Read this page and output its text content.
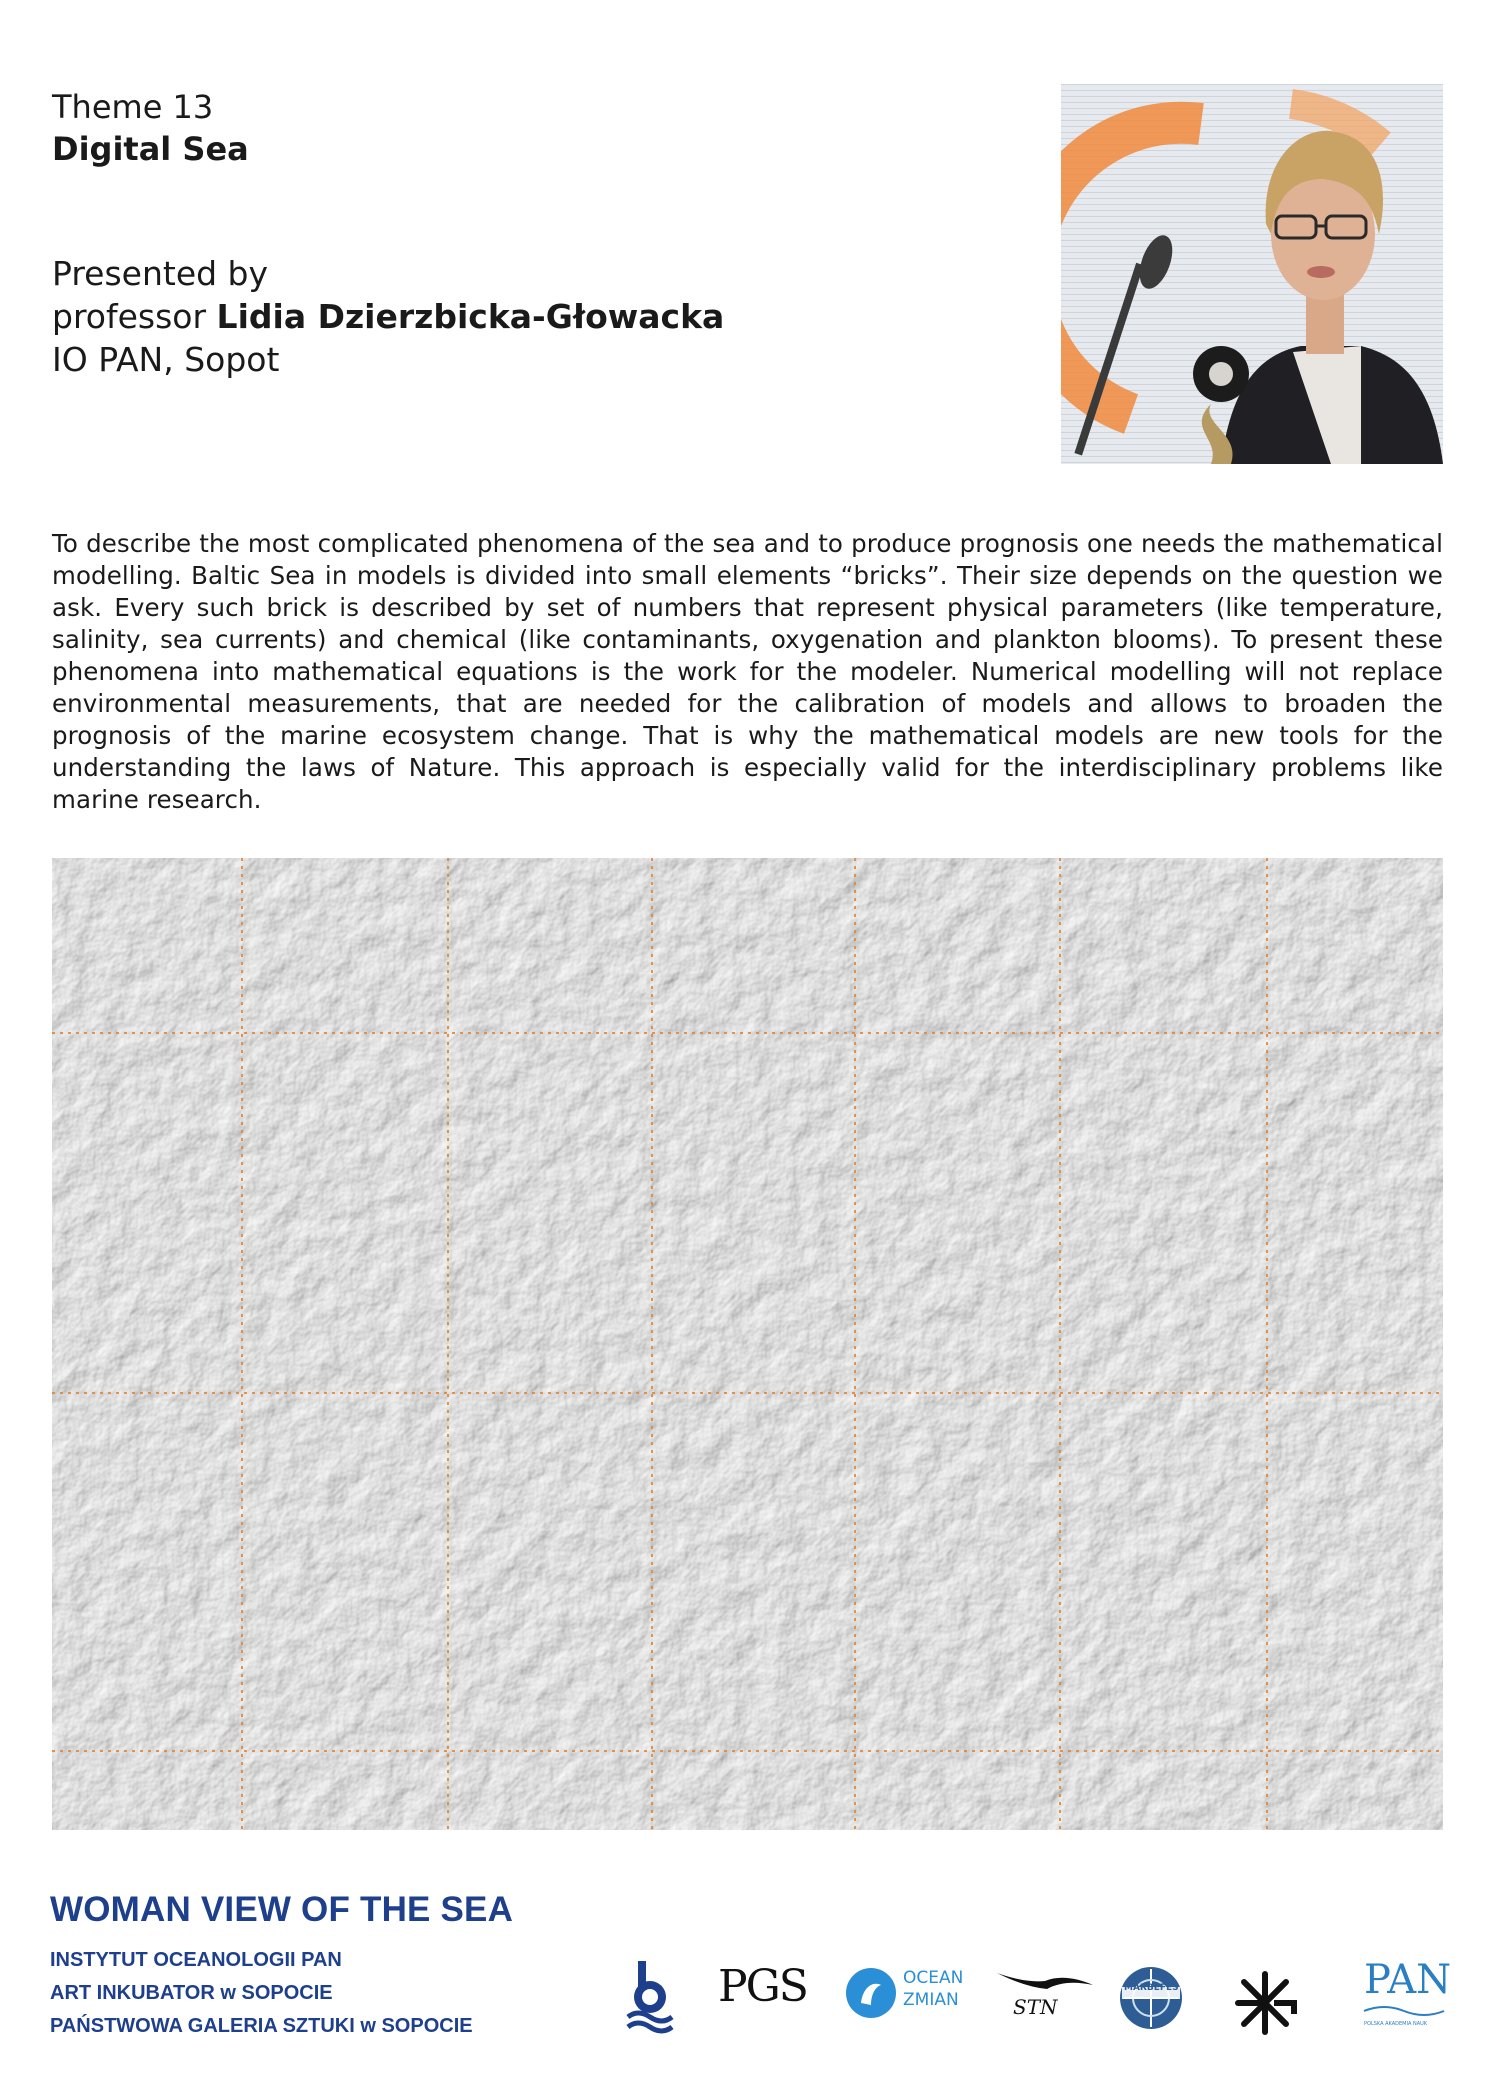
Theme 13
Digital Sea
Presented by
professor Lidia Dzierzbicka-Głowacka
IO PAN, Sopot
To describe the most complicated phenomena of the sea and to produce prognosis one needs the mathematical modelling. Baltic Sea in models is divided into small elements “bricks”. Their size depends on the question we ask. Every such brick is described by set of numbers that represent physical parameters (like temperature, salinity, sea currents) and chemical (like contaminants, oxygenation and plankton blooms). To present these phenomena into mathematical equations is the work for the modeler. Numerical modelling will not replace environmental measurements, that are needed for the calibration of models and allows to broaden the prognosis of the marine ecosystem change. That is why the mathematical models are new tools for the understanding the laws of Nature. This approach is especially valid for the interdisciplinary problems like marine research.
WOMAN VIEW OF THE SEA
INSTYTUT OCEANOLOGII PAN
ART INKUBATOR w SOPOCIE
PAŃSTWOWA GALERIA SZTUKI w SOPOCIE
PGS	OCEAN
ZMIAN	STN
MARBEFES	PAN
POLSKA AKADEMIA NAUK
